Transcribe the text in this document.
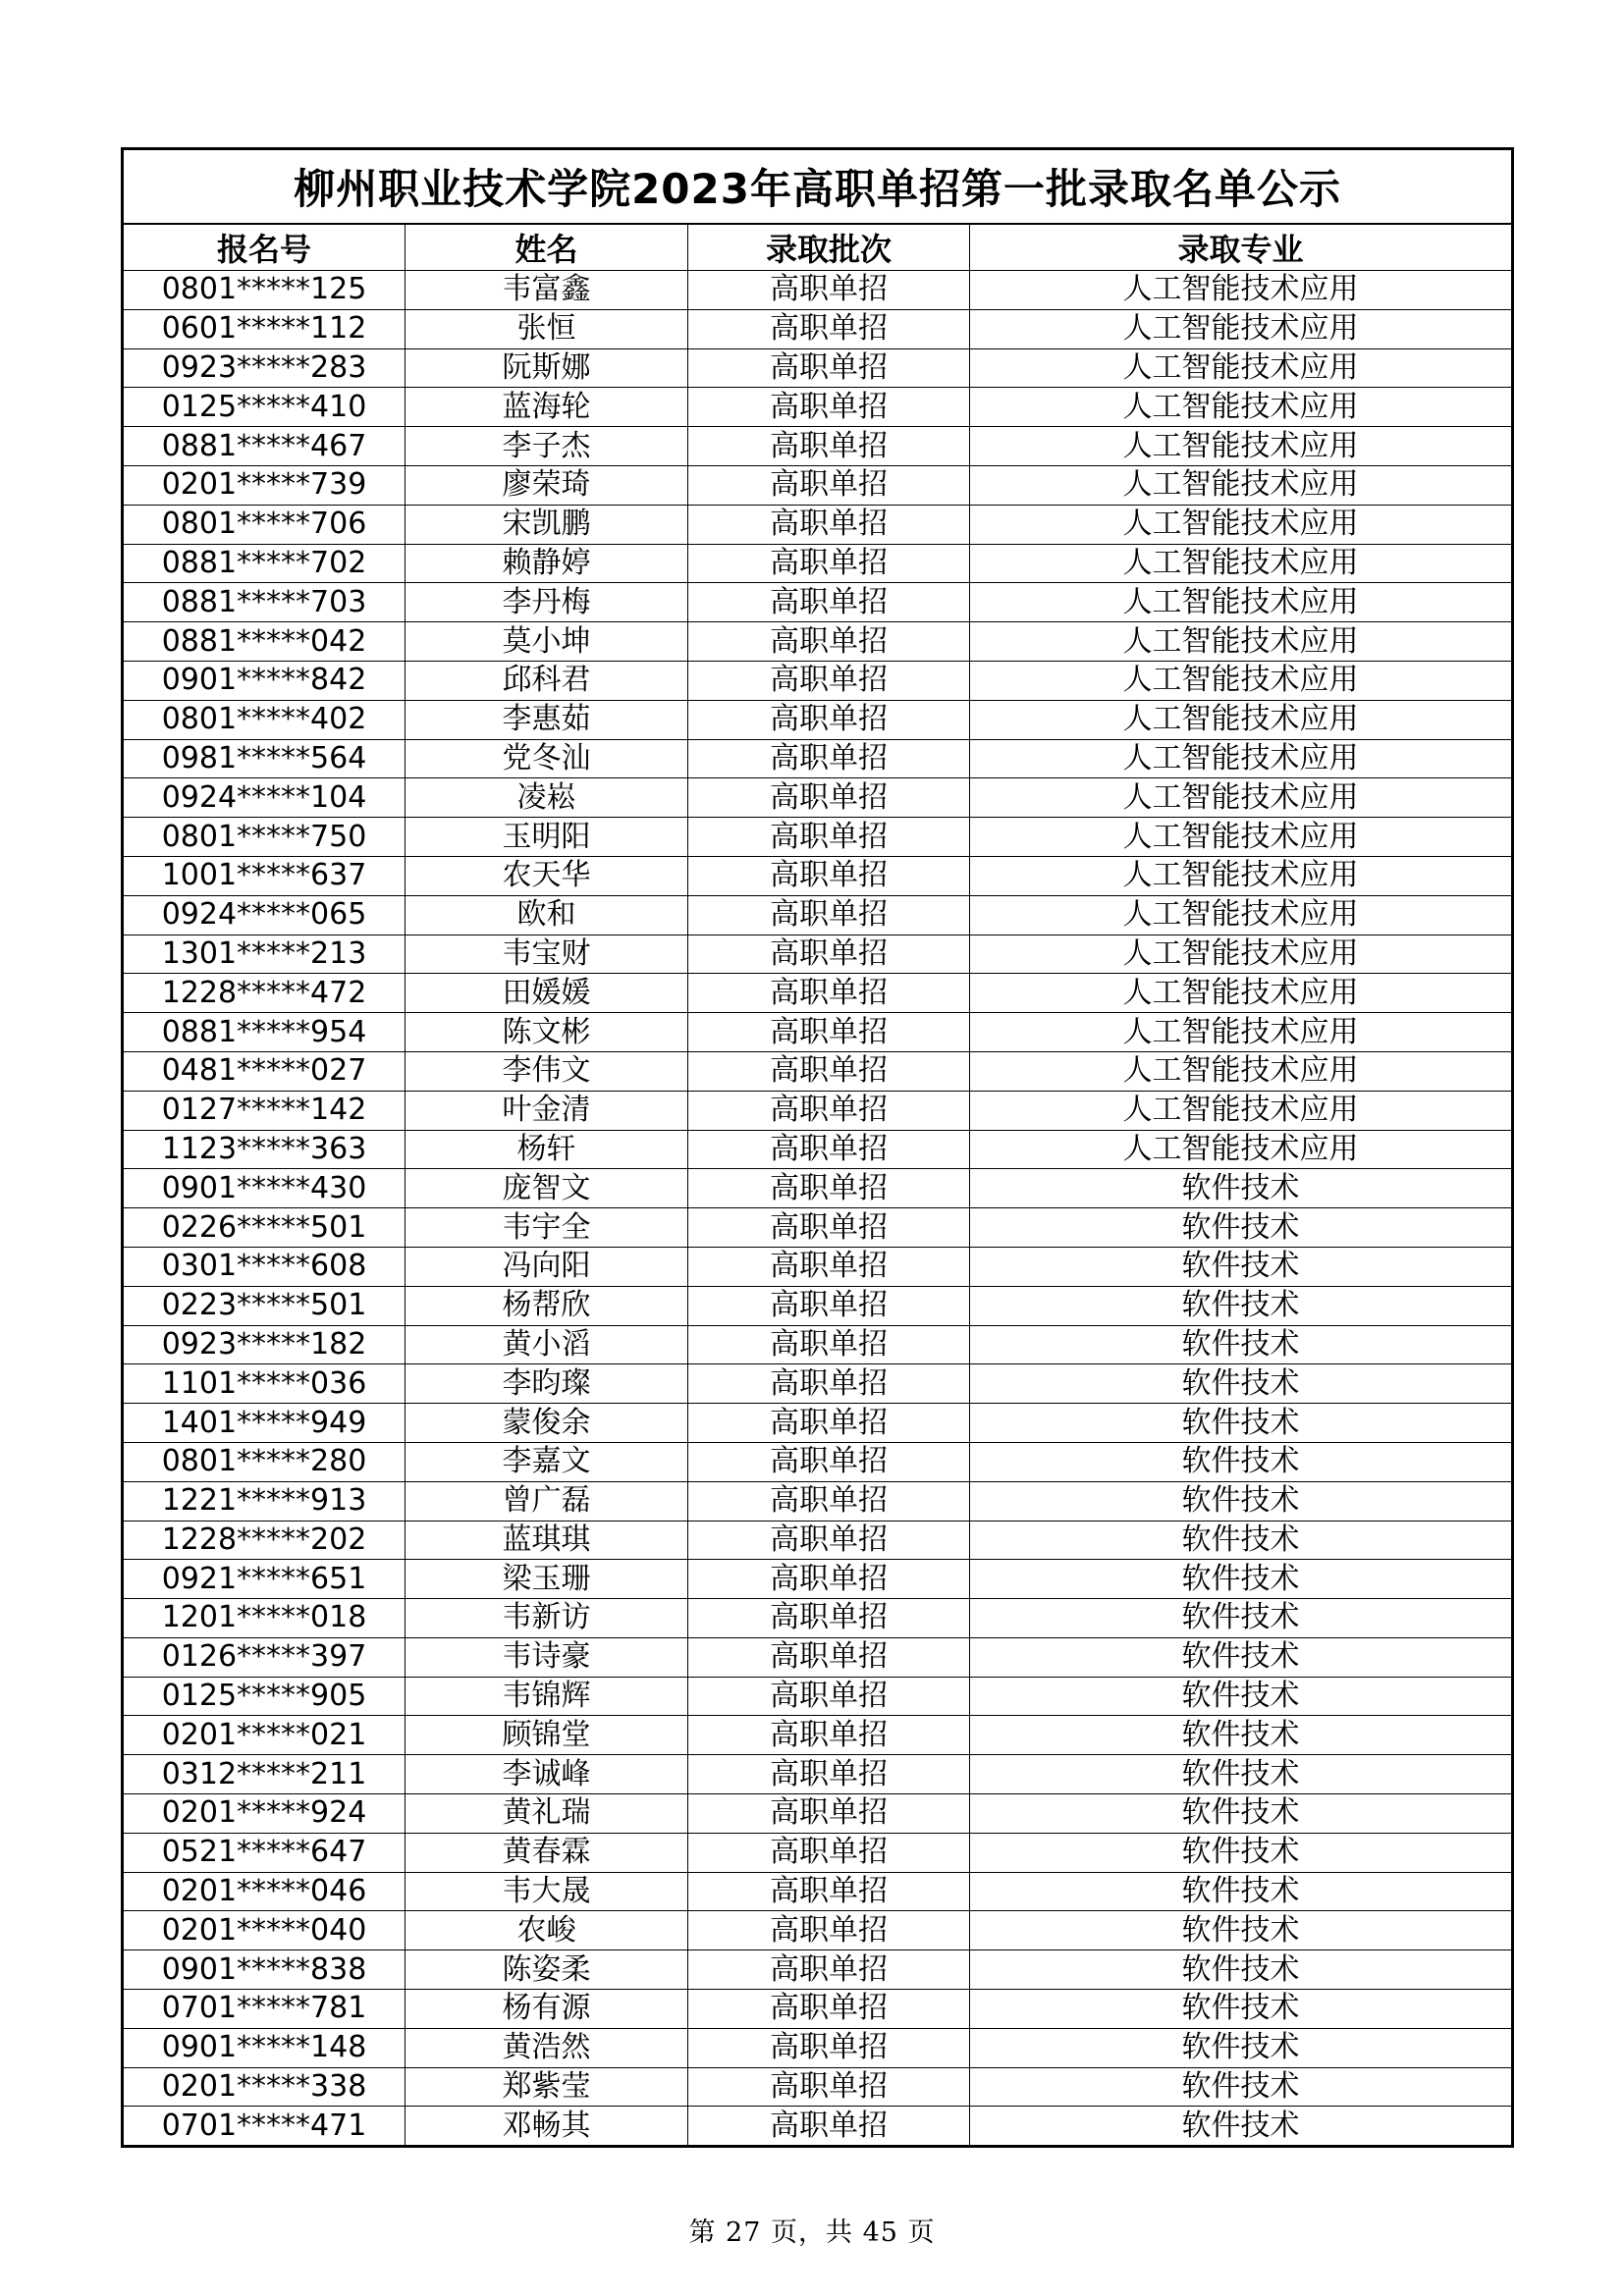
柳州职业技术学院2023年高职单招第一批录取名单公示			
报名号	姓名	录取批次	录取专业
0801*****125	韦富鑫	高职单招	人工智能技术应用
0601*****112	张恒	高职单招	人工智能技术应用
0923*****283	阮斯娜	高职单招	人工智能技术应用
0125*****410	蓝海轮	高职单招	人工智能技术应用
0881*****467	李子杰	高职单招	人工智能技术应用
0201*****739	廖荣琦	高职单招	人工智能技术应用
0801*****706	宋凯鹏	高职单招	人工智能技术应用
0881*****702	赖静婷	高职单招	人工智能技术应用
0881*****703	李丹梅	高职单招	人工智能技术应用
0881*****042	莫小坤	高职单招	人工智能技术应用
0901*****842	邱科君	高职单招	人工智能技术应用
0801*****402	李惠茹	高职单招	人工智能技术应用
0981*****564	党冬汕	高职单招	人工智能技术应用
0924*****104	凌崧	高职单招	人工智能技术应用
0801*****750	玉明阳	高职单招	人工智能技术应用
1001*****637	农天华	高职单招	人工智能技术应用
0924*****065	欧和	高职单招	人工智能技术应用
1301*****213	韦宝财	高职单招	人工智能技术应用
1228*****472	田媛媛	高职单招	人工智能技术应用
0881*****954	陈文彬	高职单招	人工智能技术应用
0481*****027	李伟文	高职单招	人工智能技术应用
0127*****142	叶金清	高职单招	人工智能技术应用
1123*****363	杨轩	高职单招	人工智能技术应用
0901*****430	庞智文	高职单招	软件技术
0226*****501	韦宇全	高职单招	软件技术
0301*****608	冯向阳	高职单招	软件技术
0223*****501	杨帮欣	高职单招	软件技术
0923*****182	黄小滔	高职单招	软件技术
1101*****036	李昀璨	高职单招	软件技术
1401*****949	蒙俊余	高职单招	软件技术
0801*****280	李嘉文	高职单招	软件技术
1221*****913	曾广磊	高职单招	软件技术
1228*****202	蓝琪琪	高职单招	软件技术
0921*****651	梁玉珊	高职单招	软件技术
1201*****018	韦新访	高职单招	软件技术
0126*****397	韦诗豪	高职单招	软件技术
0125*****905	韦锦辉	高职单招	软件技术
0201*****021	顾锦堂	高职单招	软件技术
0312*****211	李诚峰	高职单招	软件技术
0201*****924	黄礼瑞	高职单招	软件技术
0521*****647	黄春霖	高职单招	软件技术
0201*****046	韦大晟	高职单招	软件技术
0201*****040	农峻	高职单招	软件技术
0901*****838	陈姿柔	高职单招	软件技术
0701*****781	杨有源	高职单招	软件技术
0901*****148	黄浩然	高职单招	软件技术
0201*****338	郑紫莹	高职单招	软件技术
0701*****471	邓畅其	高职单招	软件技术
第 27 页，共 45 页
